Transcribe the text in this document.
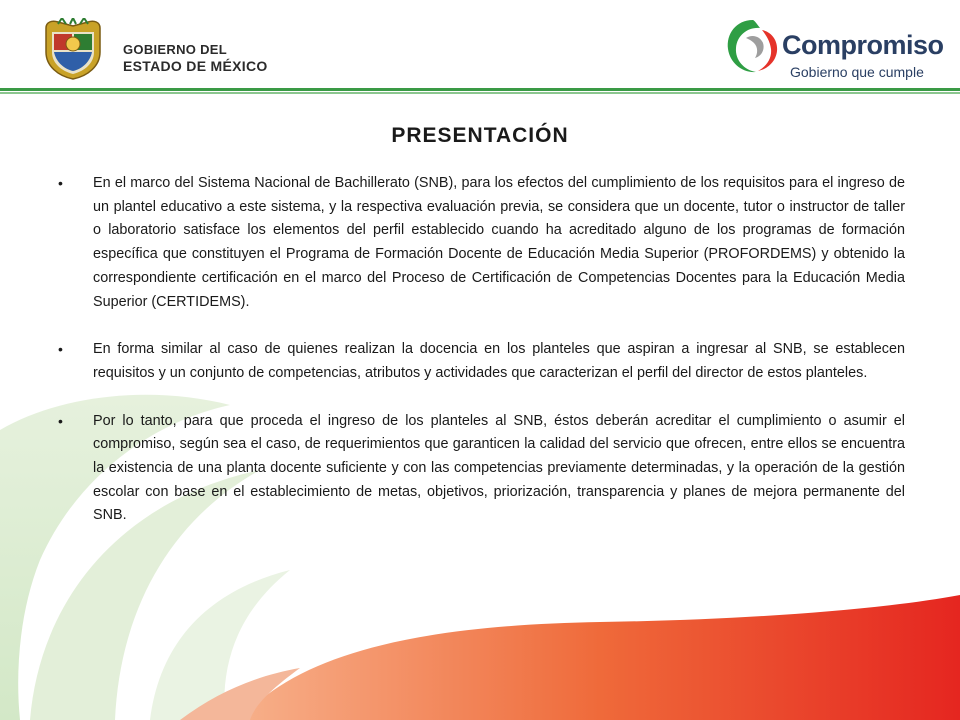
GOBIERNO DEL
ESTADO DE MÉXICO
Compromiso
Gobierno que cumple
PRESENTACIÓN
• En el marco del Sistema Nacional de Bachillerato (SNB), para los efectos del cumplimiento de los requisitos para el ingreso de un plantel educativo a este sistema, y la respectiva evaluación previa, se considera que un docente, tutor o instructor de taller o laboratorio satisface los elementos del perfil establecido cuando ha acreditado alguno de los programas de formación específica que constituyen el Programa de Formación Docente de Educación Media Superior (PROFORDEMS) y obtenido la correspondiente certificación en el marco del Proceso de Certificación de Competencias Docentes para la Educación Media Superior (CERTIDEMS).
• En forma similar al caso de quienes realizan la docencia en los planteles que aspiran a ingresar al SNB, se establecen requisitos y un conjunto de competencias, atributos y actividades que caracterizan el perfil del director de estos planteles.
• Por lo tanto, para que proceda el ingreso de los planteles al SNB, éstos deberán acreditar el cumplimiento o asumir el compromiso, según sea el caso, de requerimientos que garanticen la calidad del servicio que ofrecen, entre ellos se encuentra la existencia de una planta docente suficiente y con las competencias previamente determinadas, y la operación de la gestión escolar con base en el establecimiento de metas, objetivos, priorización, transparencia y planes de mejora permanente del SNB.
